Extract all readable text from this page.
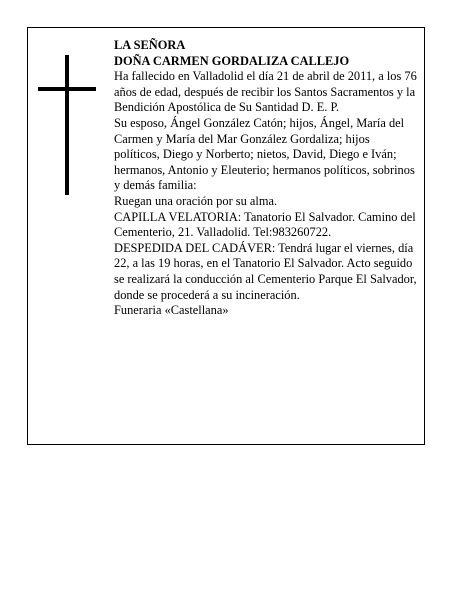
LA SEÑORA

DOÑA CARMEN GORDALIZA CALLEJO

Ha fallecido en Valladolid el día 21 de abril de 2011, a los 76 años de edad, después de recibir los Santos Sacramentos y la Bendición Apostólica de Su Santidad D. E. P.

Su esposo, Ángel González Catón; hijos, Ángel, María del Carmen y María del Mar González Gordaliza; hijos políticos, Diego y Norberto; nietos, David, Diego e Iván; hermanos, Antonio y Eleuterio; hermanos políticos, sobrinos y demás familia:

Ruegan una oración por su alma.

CAPILLA VELATORIA: Tanatorio El Salvador. Camino del Cementerio, 21. Valladolid. Tel:983260722.

DESPEDIDA DEL CADÁVER: Tendrá lugar el viernes, día 22, a las 19 horas, en el Tanatorio El Salvador. Acto seguido se realizará la conducción al Cementerio Parque El Salvador, donde se procederá a su incineración.

Funeraria «Castellana»
